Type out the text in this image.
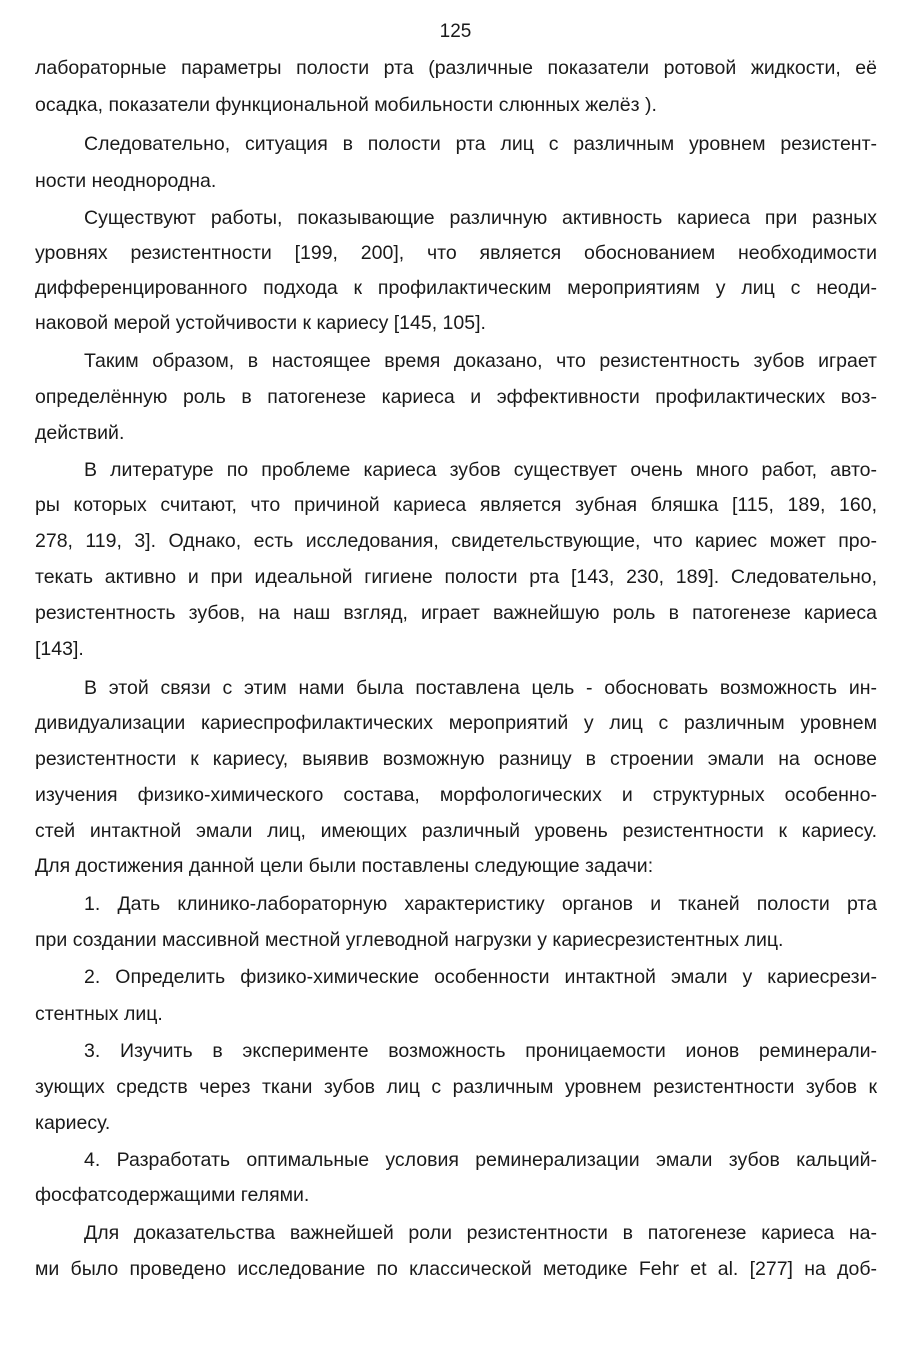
125
лабораторные параметры полости рта (различные показатели ротовой жидкости, её
осадка, показатели функциональной мобильности слюнных желёз ).
Следовательно, ситуация в полости рта лиц с различным уровнем резистент-
ности неоднородна.
Существуют работы, показывающие различную активность кариеса при разных
уровнях резистентности [199, 200], что является обоснованием необходимости
дифференцированного подхода к профилактическим мероприятиям у лиц с неоди-
наковой мерой устойчивости к кариесу [145, 105].
Таким образом, в настоящее время доказано, что резистентность зубов играет
определённую роль в патогенезе кариеса и эффективности профилактических воз-
действий.
В литературе по проблеме кариеса зубов существует очень много работ, авто-
ры которых считают, что причиной кариеса является зубная бляшка [115, 189, 160,
278, 119, 3]. Однако, есть исследования, свидетельствующие, что кариес может про-
текать активно и при идеальной гигиене полости рта [143, 230, 189]. Следовательно,
резистентность зубов, на наш взгляд, играет важнейшую роль в патогенезе кариеса
[143].
В этой связи с этим нами была поставлена цель - обосновать возможность ин-
дивидуализации кариеспрофилактических мероприятий у лиц с различным уровнем
резистентности к кариесу, выявив возможную разницу в строении эмали на основе
изучения физико-химического состава, морфологических и структурных особенно-
стей интактной эмали лиц, имеющих различный уровень резистентности к кариесу.
Для достижения данной цели были поставлены следующие задачи:
1. Дать клинико-лабораторную характеристику органов и тканей полости рта
при создании массивной местной углеводной нагрузки у кариесрезистентных лиц.
2. Определить физико-химические особенности интактной эмали у кариесрези-
стентных лиц.
3. Изучить в эксперименте возможность проницаемости ионов реминерали-
зующих средств через ткани зубов лиц с различным уровнем резистентности зубов к
кариесу.
4. Разработать оптимальные условия реминерализации эмали зубов кальций-
фосфатсодержащими гелями.
Для доказательства важнейшей роли резистентности в патогенезе кариеса на-
ми было проведено исследование по классической методике Fehr et al. [277] на доб-
